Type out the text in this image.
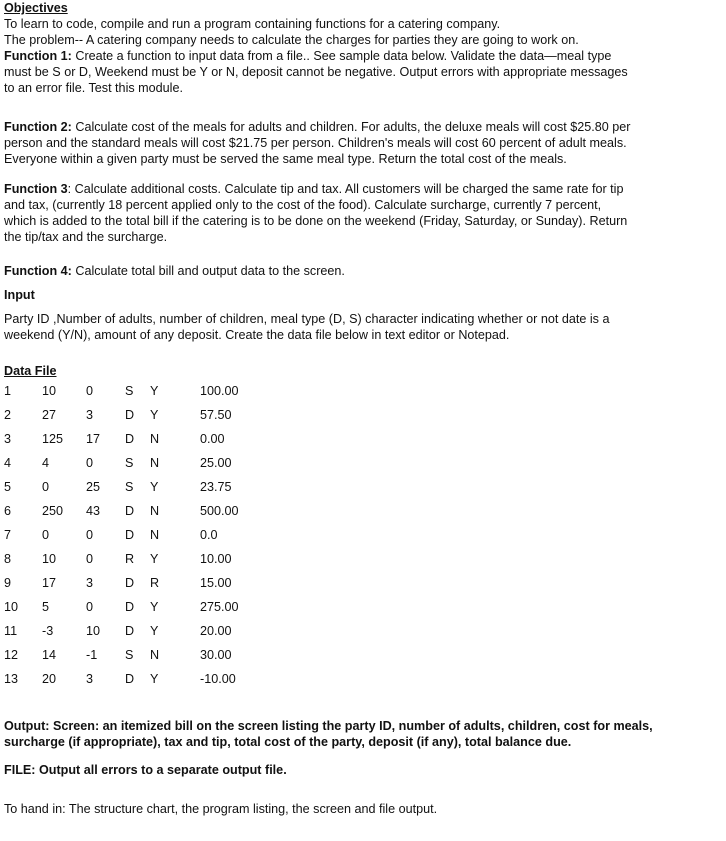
Objectives
To learn to code, compile and run a program containing functions for a catering company.
The problem-- A catering company needs to calculate the charges for parties they are going to work on.
Function 1: Create a function to input data from a file.. See sample data below. Validate the data—meal type
must be S or D, Weekend must be Y or N, deposit cannot be negative. Output errors with appropriate messages
to an error file. Test this module.
Function 2: Calculate cost of the meals for adults and children. For adults, the deluxe meals will cost $25.80 per
person and the standard meals will cost $21.75 per person. Children's meals will cost 60 percent of adult meals.
Everyone within a given party must be served the same meal type. Return the total cost of the meals.
Function 3: Calculate additional costs. Calculate tip and tax. All customers will be charged the same rate for tip
and tax, (currently 18 percent applied only to the cost of the food). Calculate surcharge, currently 7 percent,
which is added to the total bill if the catering is to be done on the weekend (Friday, Saturday, or Sunday). Return
the tip/tax and the surcharge.
Function 4: Calculate total bill and output data to the screen.
Input
Party ID ,Number of adults, number of children, meal type (D, S) character indicating whether or not date is a
weekend (Y/N), amount of any deposit. Create the data file below in text editor or Notepad.
Data File
1 10 0	S Y	100.00
2 27 3	D Y	57.50
3 125 17 D N	0.00
4 4	0	S N	25.00
5 0	25 S Y	23.75
6 250 43 D N	500.00
7 0	0	D N	0.0
8 10 0	R Y	10.00
9 17 3	D R	15.00
10 5	0	D Y	275.00
11 -3	10 D Y	20.00
12 14 -1 S N	30.00
13 20 3	D Y	-10.00
Output: Screen: an itemized bill on the screen listing the party ID, number of adults, children, cost for meals,
surcharge (if appropriate), tax and tip, total cost of the party, deposit (if any), total balance due.
FILE: Output all errors to a separate output file.
To hand in: The structure chart, the program listing, the screen and file output.
